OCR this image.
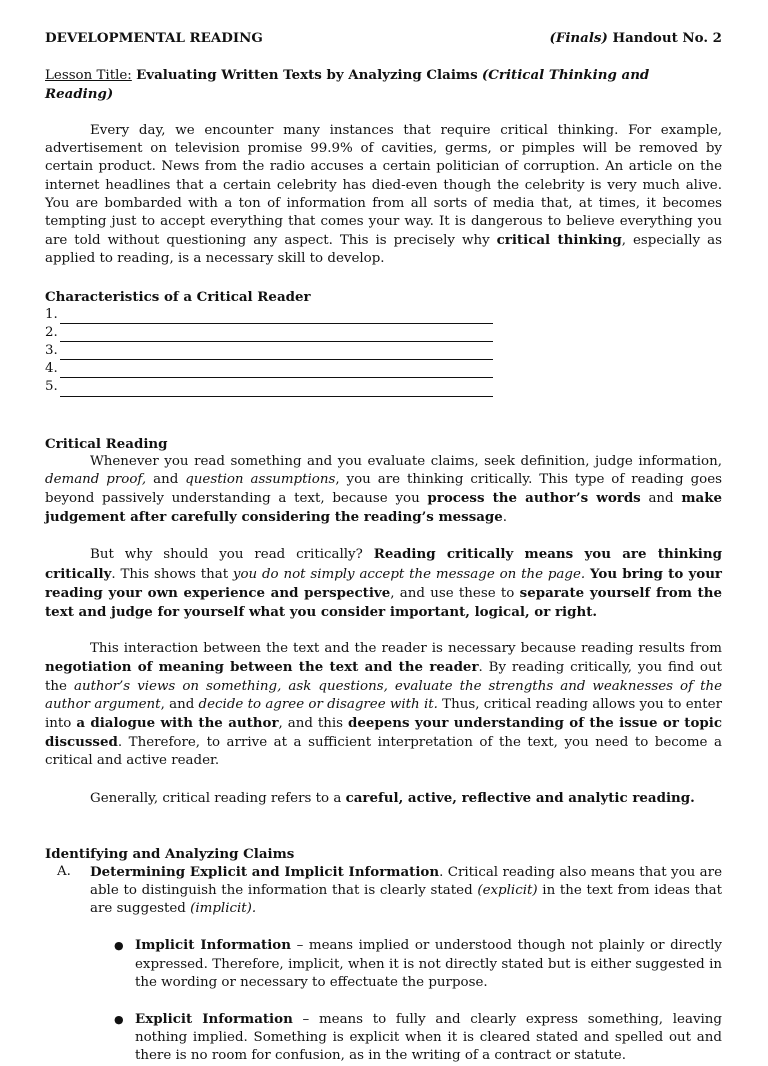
DEVELOPMENTAL READING	(Finals) Handout No. 2
Lesson Title: Evaluating Written Texts by Analyzing Claims (Critical Thinking and Reading)

Every day, we encounter many instances that require critical thinking. For example, advertisement on television promise 99.9% of cavities, germs, or pimples will be removed by certain product. News from the radio accuses a certain politician of corruption. An article on the internet headlines that a certain celebrity has died-even though the celebrity is very much alive. You are bombarded with a ton of information from all sorts of media that, at times, it becomes tempting just to accept everything that comes your way. It is dangerous to believe everything you are told without questioning any aspect. This is precisely why critical thinking, especially as applied to reading, is a necessary skill to develop.

Characteristics of a Critical Reader
1.
2.
3.
4.
5.
Critical Reading

Whenever you read something and you evaluate claims, seek definition, judge information, demand proof, and question assumptions, you are thinking critically. This type of reading goes beyond passively understanding a text, because you process the author’s words and make judgement after carefully considering the reading’s message.

But why should you read critically? Reading critically means you are thinking critically. This shows that you do not simply accept the message on the page. You bring to your reading your own experience and perspective, and use these to separate yourself from the text and judge for yourself what you consider important, logical, or right.

This interaction between the text and the reader is necessary because reading results from negotiation of meaning between the text and the reader. By reading critically, you find out the author’s views on something, ask questions, evaluate the strengths and weaknesses of the author argument, and decide to agree or disagree with it. Thus, critical reading allows you to enter into a dialogue with the author, and this deepens your understanding of the issue or topic discussed. Therefore, to arrive at a sufficient interpretation of the text, you need to become a critical and active reader.

Generally, critical reading refers to a careful, active, reflective and analytic reading.

Identifying and Analyzing Claims
A.	Determining Explicit and Implicit Information. Critical reading also means that you are able to distinguish the information that is clearly stated (explicit) in the text from ideas that are suggested (implicit).

● Implicit Information – means implied or understood though not plainly or directly expressed. Therefore, implicit, when it is not directly stated but is either suggested in the wording or necessary to effectuate the purpose.

● Explicit Information – means to fully and clearly express something, leaving nothing implied. Something is explicit when it is cleared stated and spelled out and there is no room for confusion, as in the writing of a contract or statute.
